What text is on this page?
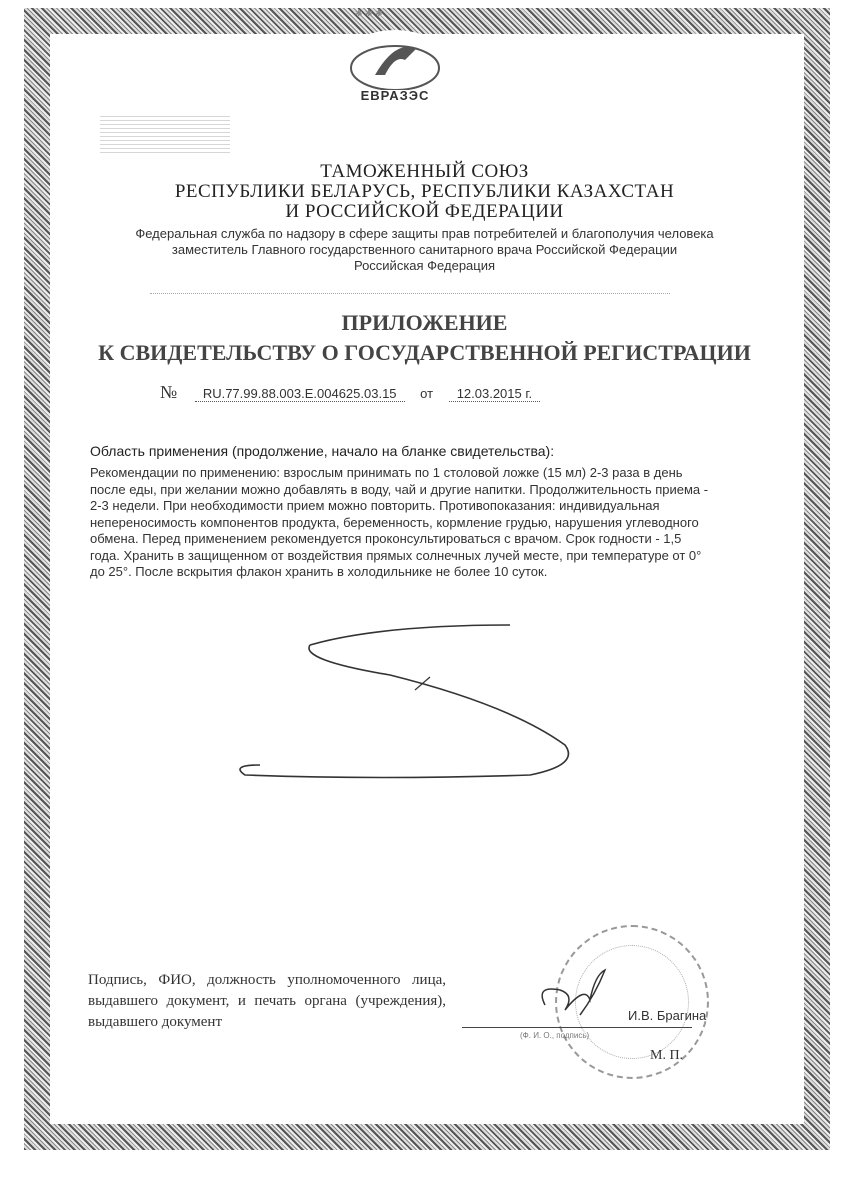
✱ ✱ ✱
ЕВРАЗЭС
ТАМОЖЕННЫЙ СОЮЗ
РЕСПУБЛИКИ БЕЛАРУСЬ, РЕСПУБЛИКИ КАЗАХСТАН
И РОССИЙСКОЙ ФЕДЕРАЦИИ
Федеральная служба по надзору в сфере защиты прав потребителей и благополучия человека
заместитель Главного государственного санитарного врача Российской Федерации
Российская Федерация
ПРИЛОЖЕНИЕ
К СВИДЕТЕЛЬСТВУ О ГОСУДАРСТВЕННОЙ РЕГИСТРАЦИИ
№ RU.77.99.88.003.E.004625.03.15 от 12.03.2015 г.
Область применения (продолжение, начало на бланке свидетельства):
Рекомендации по применению: взрослым принимать по 1 столовой ложке (15 мл) 2-3 раза в день после еды, при желании можно добавлять в воду, чай и другие напитки. Продолжительность приема - 2-3 недели. При необходимости прием можно повторить. Противопоказания: индивидуальная непереносимость компонентов продукта, беременность, кормление грудью, нарушения углеводного обмена. Перед применением рекомендуется проконсультироваться с врачом. Срок годности - 1,5 года. Хранить в защищенном от воздействия прямых солнечных лучей месте, при температуре от 0° до 25°. После вскрытия флакон хранить в холодильнике не более 10 суток.
Подпись, ФИО, должность уполномоченного лица, выдавшего документ, и печать органа (учреждения), выдавшего документ	И.В. Брагина
(Ф. И. О., подпись)
М. П.
